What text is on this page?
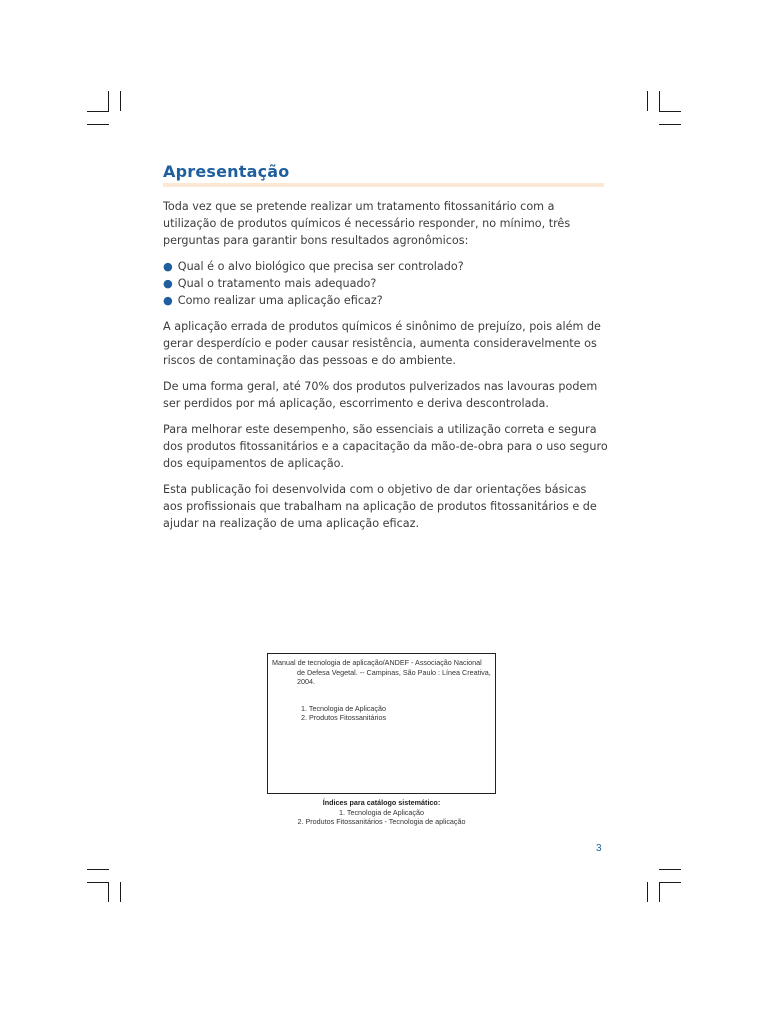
Apresentação

Toda vez que se pretende realizar um tratamento fitossanitário com a utilização de produtos químicos é necessário responder, no mínimo, três perguntas para garantir bons resultados agronômicos:

● Qual é o alvo biológico que precisa ser controlado?
● Qual o tratamento mais adequado?
● Como realizar uma aplicação eficaz?

A aplicação errada de produtos químicos é sinônimo de prejuízo, pois além de gerar desperdício e poder causar resistência, aumenta consideravelmente os riscos de contaminação das pessoas e do ambiente.

De uma forma geral, até 70% dos produtos pulverizados nas lavouras podem ser perdidos por má aplicação, escorrimento e deriva descontrolada.

Para melhorar este desempenho, são essenciais a utilização correta e segura dos produtos fitossanitários e a capacitação da mão-de-obra para o uso seguro dos equipamentos de aplicação.

Esta publicação foi desenvolvida com o objetivo de dar orientações básicas aos profissionais que trabalham na aplicação de produtos fitossanitários e de ajudar na realização de uma aplicação eficaz.

Manual de tecnologia de aplicação/ANDEF - Associação Nacional
de Defesa Vegetal. -- Campinas, São Paulo : Línea Creativa,
2004.
1. Tecnologia de Aplicação
2. Produtos Fitossanitários
Índices para catálogo sistemático:
1. Tecnologia de Aplicação
2. Produtos Fitossanitários - Tecnologia de aplicação
3
